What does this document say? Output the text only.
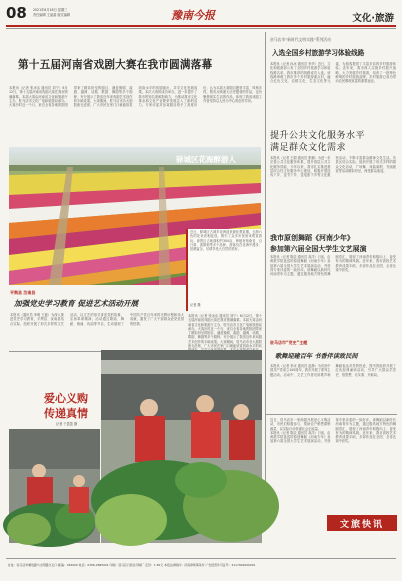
08 2021年6月16日 星期三
责任编辑 王晶晶 版式编辑	豫南今报	文化·旅游
第十五届河南省戏剧大赛在我市圆满落幕
本报讯（记者 张冰洁 通讯员 刘宁）6月12日，第十五届河南省戏剧大赛在我市圆满落幕。本届大赛由河南省文化和旅游厅主办，驻马店市文化广电和旅游局承办。大赛历时近一个月，来自全省各地的院团带来了精彩纷呈的剧目，涵盖豫剧、曲剧、越调、话剧、歌剧、舞剧等多个剧种，充分展示了我省近年来戏剧艺术创作的丰硕成果。大赛期间，驻马店市各大剧院座无虚席，广大市民在家门口就能欣赏到高水平的戏剧演出，共享文化发展成果。本次大赛的成功举办，进一步提升了我市的知名度和影响力，为推动我市文化事业和文化产业繁荣发展注入了新的活力。专家评委对参赛剧目给予了高度评价，认为本届大赛剧目题材丰富、风格多样，既有反映重大历史题材的作品，也有聚焦现实生活的作品，体现了我省戏剧工作者坚持以人民为中心的创作导向。
驻马店市“新时代文明实践”系列活动
入选全国乡村旅游学习体验线路
本报讯（记者 孙冰 通讯员 李华）近日，文化和旅游部公布了全国乡村旅游学习体验线路名单，我市推荐的线路成功入选。该线路串联了我市多个乡村旅游重点村，融合红色文化、农耕文化、生态文化等元素，为游客提供了丰富多彩的乡村旅游体验。近年来，我市深入实施乡村振兴战略，大力发展乡村旅游，培育了一批特色鲜明的乡村旅游品牌，乡村旅游已成为带动农民增收致富的重要途径。
提升公共文化服务水平
满足群众文化需求
本报讯（记者 王娟 通讯员 张鹏）为进一步完善公共文化服务体系，提升基层公共文化服务效能，今年以来，我市扎实推进基层综合性文化服务中心建设，积极开展送戏下乡、送书下乡、送电影下乡等文化惠民活动，不断丰富群众精神文化生活。各县区结合实际，组织开展了形式多样的群众文化活动，广场舞、戏曲演唱、书画展览等活动精彩纷呈，深受群众欢迎。
驿城区花海醉游人
近日，驿城区古城乡花海迎来最佳观赏期，五颜六色的花朵竞相绽放，吸引了众多市民前来观赏游玩。该景区占地面积约300亩，种植有格桑花、百日菊、波斯菊等多个品种，游客们在花海中漫步、拍照留念，尽情享受大自然的美好。
记者 摄
我市原创舞蹈《河南少年》
参加第六届全国大学生文艺展演
本报讯（记者 陈辰 通讯员 高洋）日前，由黄淮学院选送的原创舞蹈《河南少年》参加第六届全国大学生艺术展演活动，并获得专家评委的一致好评。该舞蹈以新时代河南青年为主题，通过极具地方特色的舞蹈语汇，展现了河南青年积极向上、奋发有为的精神风貌。近年来，我市高校艺术教育成果丰硕，多部作品在全国、全省比赛中获奖。
平舆县 汝南县
加强党史学习教育 促进艺术活动开展
本报讯（通讯员 李明 王磊）为深入推进党史学习教育，平舆县、汝南县结合实际，组织开展了形式多样的文艺活动，以文艺的形式讲述党的故事，弘扬革命精神。活动通过歌曲、舞蹈、朗诵、戏曲等节目，生动展现了中国共产党百年来的光辉历程和伟大成就，激发了广大干部群众爱党爱国的热情。
本报讯（记者 张冰洁 通讯员 刘宁）6月12日，第十五届河南省戏剧大赛在我市圆满落幕。本届大赛由河南省文化和旅游厅主办，驻马店市文化广电和旅游局承办。大赛历时近一个月，来自全省各地的院团带来了精彩纷呈的剧目，涵盖豫剧、曲剧、越调、话剧、歌剧、舞剧等多个剧种，充分展示了我省近年来戏剧艺术创作的丰硕成果。大赛期间，驻马店市各大剧院座无虚席，广大市民在家门口就能欣赏到高水平的戏
驻马店市“党史”主题
歌舞迎建百年 书香伴读致民间
本报讯（记者 李冰 通讯员 赵静）为庆祝中国共产党成立100周年，我市开展了系列主题活动。活动中，文艺工作者们用歌声和舞蹈表达对党的热爱，图书馆组织开展了红色经典诵读活动，引导广大群众学党史、悟思想、办实事、开新局。
爱心义购
传递真情
记者 于盈盈 摄
近日，驻马店市一家商超开展爱心义购活动，市民们积极参与，帮助农户销售滞销蔬菜，以实际行动传递社会正能量。
本报讯（记者 陈辰 通讯员 高洋）日前，由黄淮学院选送的原创舞蹈《河南少年》参加第六届全国大学生艺术展演活动，并获得专家评委的一致好评。该舞蹈以新时代河南青年为主题，通过极具地方特色的舞蹈语汇，展现了河南青年积极向上、奋发有为的精神风貌。近年来，我市高校艺术教育成果丰硕，多部作品在全国、全省比赛中获奖。
文旅快讯
社址：驻马店市解放路与文明路交叉口 邮编：463000 电话：0396-2685001 印刷：驻马店日报社印刷厂 定价：1.50元 本报法律顾问：河南律师事务所 广告经营许可证号：4117004000001
